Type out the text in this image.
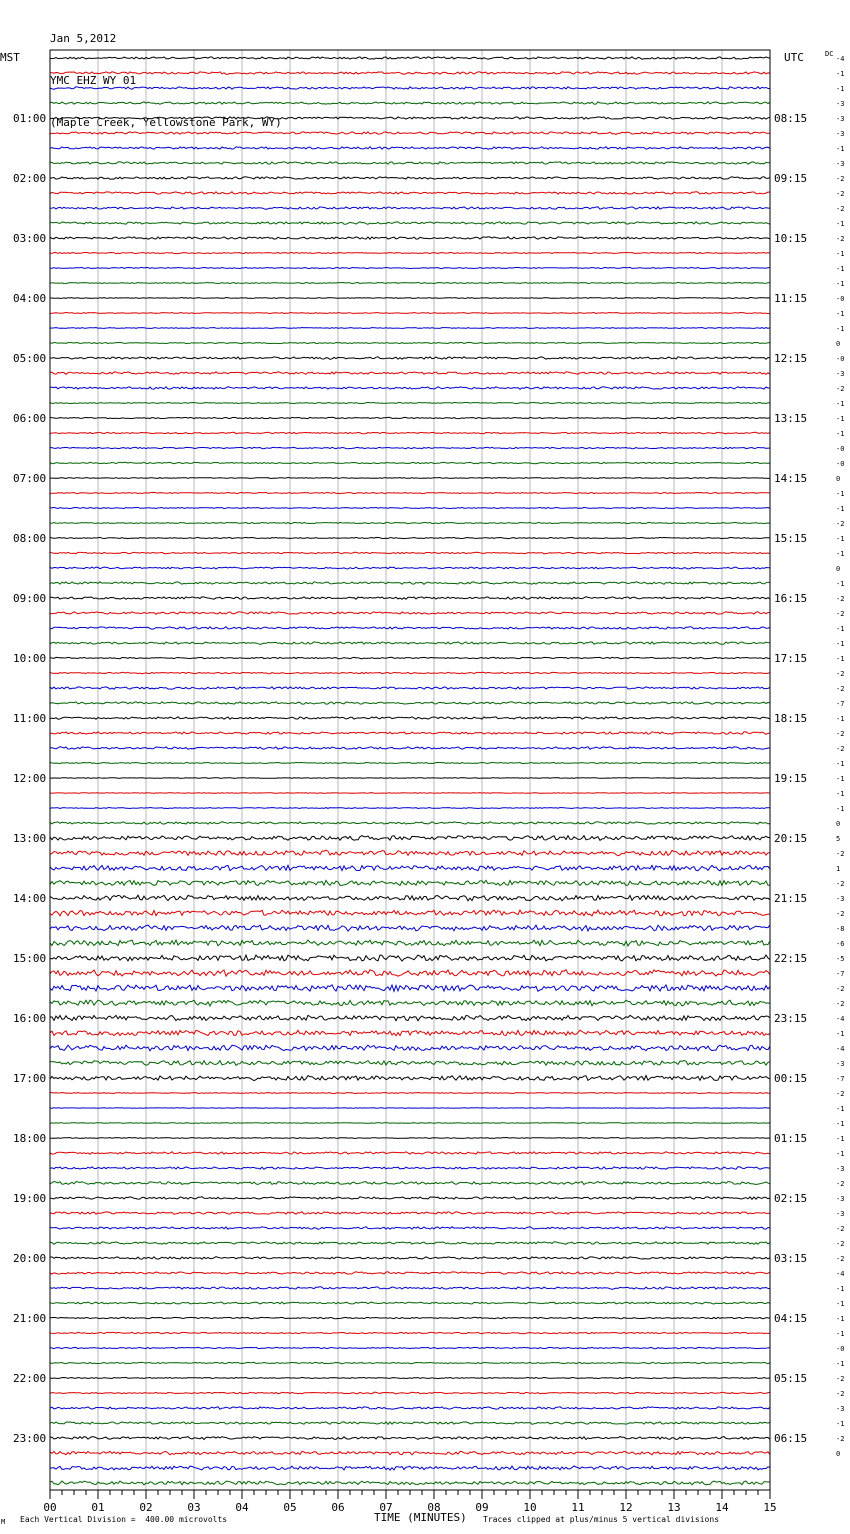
Jan 5,2012

YMC EHZ WY 01

(Maple Creek, Yellowstone Park, WY)

MST	UTC	DC
-4
-1
-1
-3
-3
-3
-1
-3
-2
-2
-2
-1
-2
-1
-1
-1
-0
-1
-1
0
-0
-3
-2
-1
-1
-1
-0
-0
0
-1
-1
-2
-1
-1
0
-1
-2
-2
-1
-1
-1
-2
-2
-7
-1
-2
-2
-1
-1
-1
-1
0
5
-2
1
-2
-3
-2
-8
-6
-5
-7
-2
-2
-4
-1
-4
-3
-7
-2
-1
-1
-1
-1
-3
-2
-3
-3
-2
-2
-2
-4
-1
-1
-1
-1
-0
-1
-2
-2
-3
-1
-2
0
01:00
02:00
03:00
04:00
05:00
06:00
07:00
08:00
09:00
10:00
11:00
12:00
13:00
14:00
15:00
16:00
17:00
18:00
19:00
20:00
21:00
22:00
23:00
08:15
09:15
10:15
11:15
12:15
13:15
14:15
15:15
16:15
17:15
18:15
19:15
20:15
21:15
22:15
23:15
00:15
01:15
02:15
03:15
04:15
05:15
06:15
00	01	02	03	04	05	06	07	08	09	10	11	12	13	14	15
M Each Vertical Division =  400.00 microvolts	TIME (MINUTES) Traces clipped at plus/minus 5 vertical divisions
